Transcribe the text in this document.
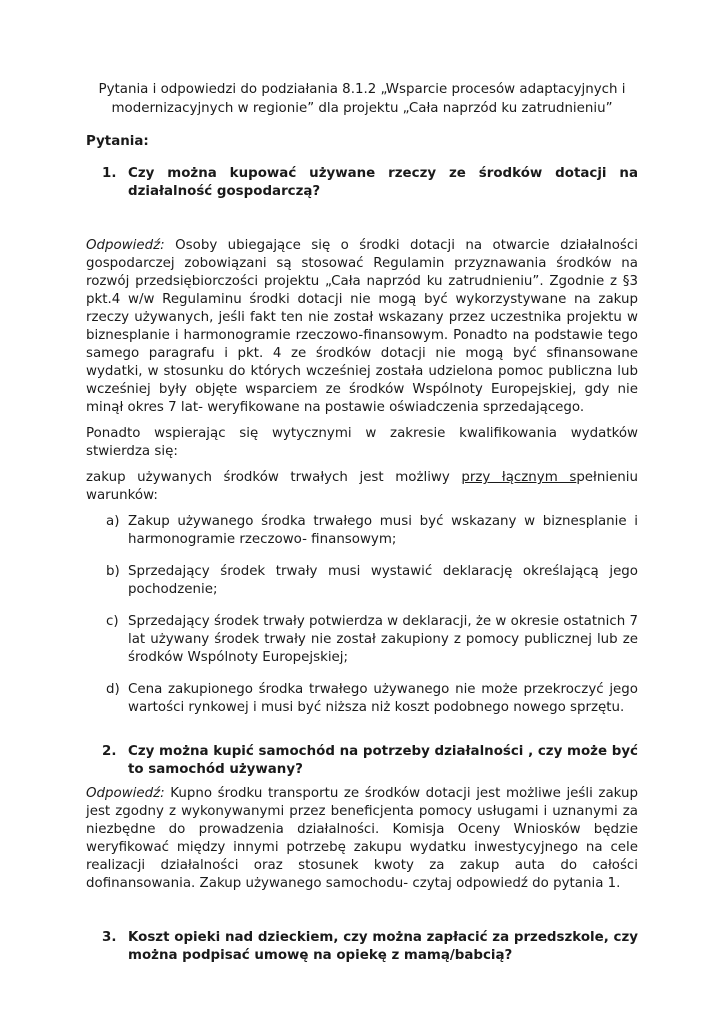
Pytania i odpowiedzi do podziałania 8.1.2 „Wsparcie procesów adaptacyjnych i
modernizacyjnych w regionie” dla projektu „Cała naprzód ku zatrudnieniu”
Pytania:
1. Czy można kupować używane rzeczy ze środków dotacji na działalność gospodarczą?
Odpowiedź: Osoby ubiegające się o środki dotacji na otwarcie działalności gospodarczej zobowiązani są stosować Regulamin przyznawania środków na rozwój przedsiębiorczości projektu „Cała naprzód ku zatrudnieniu”. Zgodnie z §3 pkt.4 w/w Regulaminu środki dotacji nie mogą być wykorzystywane na zakup rzeczy używanych, jeśli fakt ten nie został wskazany przez uczestnika projektu w biznesplanie i harmonogramie rzeczowo-finansowym. Ponadto na podstawie tego samego paragrafu i pkt. 4 ze środków dotacji nie mogą być sfinansowane wydatki, w stosunku do których wcześniej została udzielona pomoc publiczna lub wcześniej były objęte wsparciem ze środków Wspólnoty Europejskiej, gdy nie minął okres 7 lat- weryfikowane na postawie oświadczenia sprzedającego.
Ponadto wspierając się wytycznymi w zakresie kwalifikowania wydatków stwierdza się:
zakup używanych środków trwałych jest możliwy przy łącznym spełnieniu warunków:
a) Zakup używanego środka trwałego musi być wskazany w biznesplanie i harmonogramie rzeczowo- finansowym;
b) Sprzedający środek trwały musi wystawić deklarację określającą jego pochodzenie;
c) Sprzedający środek trwały potwierdza w deklaracji, że w okresie ostatnich 7 lat używany środek trwały nie został zakupiony z pomocy publicznej lub ze środków Wspólnoty Europejskiej;
d) Cena zakupionego środka trwałego używanego nie może przekroczyć jego wartości rynkowej i musi być niższa niż koszt podobnego nowego sprzętu.
2. Czy można kupić samochód na potrzeby działalności , czy może być to samochód używany?
Odpowiedź: Kupno środku transportu ze środków dotacji jest możliwe jeśli zakup jest zgodny z wykonywanymi przez beneficjenta pomocy usługami i uznanymi za niezbędne do prowadzenia działalności. Komisja Oceny Wniosków będzie weryfikować między innymi potrzebę zakupu wydatku inwestycyjnego na cele realizacji działalności oraz stosunek kwoty za zakup auta do całości dofinansowania. Zakup używanego samochodu- czytaj odpowiedź do pytania 1.
3. Koszt opieki nad dzieckiem, czy można zapłacić za przedszkole, czy można podpisać umowę na opiekę z mamą/babcią?
